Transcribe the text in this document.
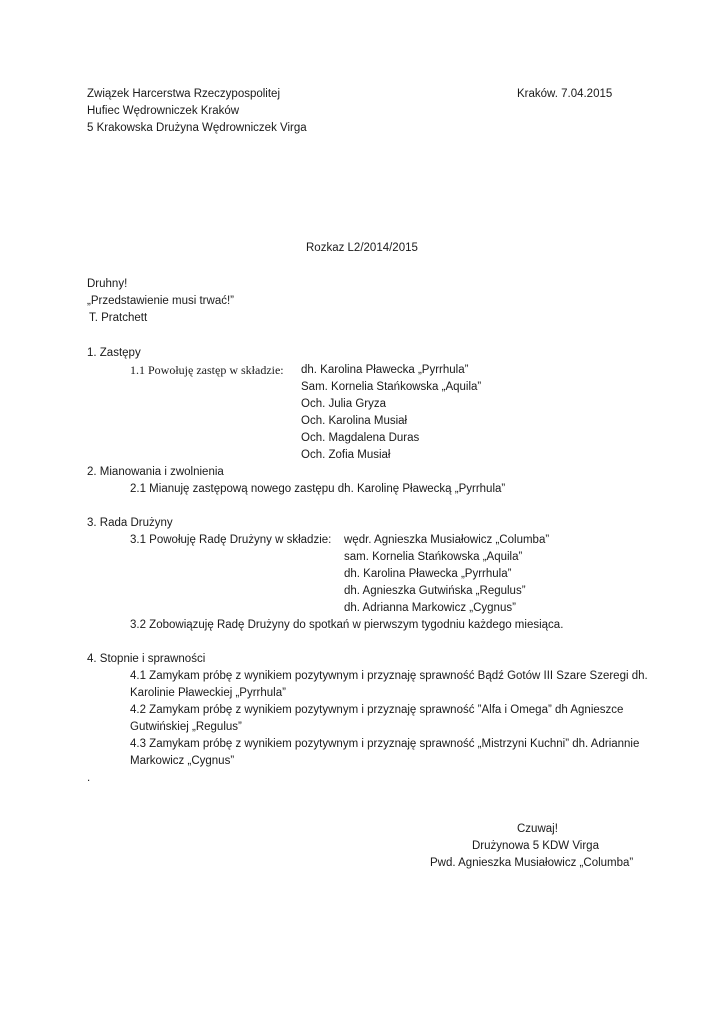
Związek Harcerstwa Rzeczypospolitej	Kraków. 7.04.2015
Hufiec Wędrowniczek Kraków
5 Krakowska Drużyna Wędrowniczek Virga
Rozkaz L2/2014/2015
Druhny!
„Przedstawienie musi trwać!”
T. Pratchett
1. Zastępy
1.1 Powołuję zastęp w składzie: dh. Karolina Pławecka „Pyrrhula”
Sam. Kornelia Stańkowska „Aquila”
Och. Julia Gryza
Och. Karolina Musiał
Och. Magdalena Duras
Och. Zofia Musiał
2. Mianowania i zwolnienia
2.1 Mianuję zastępową nowego zastępu dh. Karolinę Pławecką „Pyrrhula”
3. Rada Drużyny
3.1 Powołuję Radę Drużyny w składzie: wędr. Agnieszka Musiałowicz „Columba”
sam. Kornelia Stańkowska „Aquila”
dh. Karolina Pławecka „Pyrrhula”
dh. Agnieszka Gutwińska „Regulus”
dh. Adrianna Markowicz „Cygnus”
3.2 Zobowiązuję Radę Drużyny do spotkań w pierwszym tygodniu każdego miesiąca.
4. Stopnie i sprawności
4.1 Zamykam próbę z wynikiem pozytywnym i przyznaję sprawność Bądź Gotów III Szare Szeregi dh.
Karolinie Pławeckiej „Pyrrhula”
4.2 Zamykam próbę z wynikiem pozytywnym i przyznaję sprawność ”Alfa i Omega” dh Agnieszce
Gutwińskiej „Regulus”
4.3 Zamykam próbę z wynikiem pozytywnym i przyznaję sprawność „Mistrzyni Kuchni” dh. Adriannie
Markowicz „Cygnus”
.
Czuwaj!
Drużynowa 5 KDW Virga
Pwd. Agnieszka Musiałowicz „Columba”
